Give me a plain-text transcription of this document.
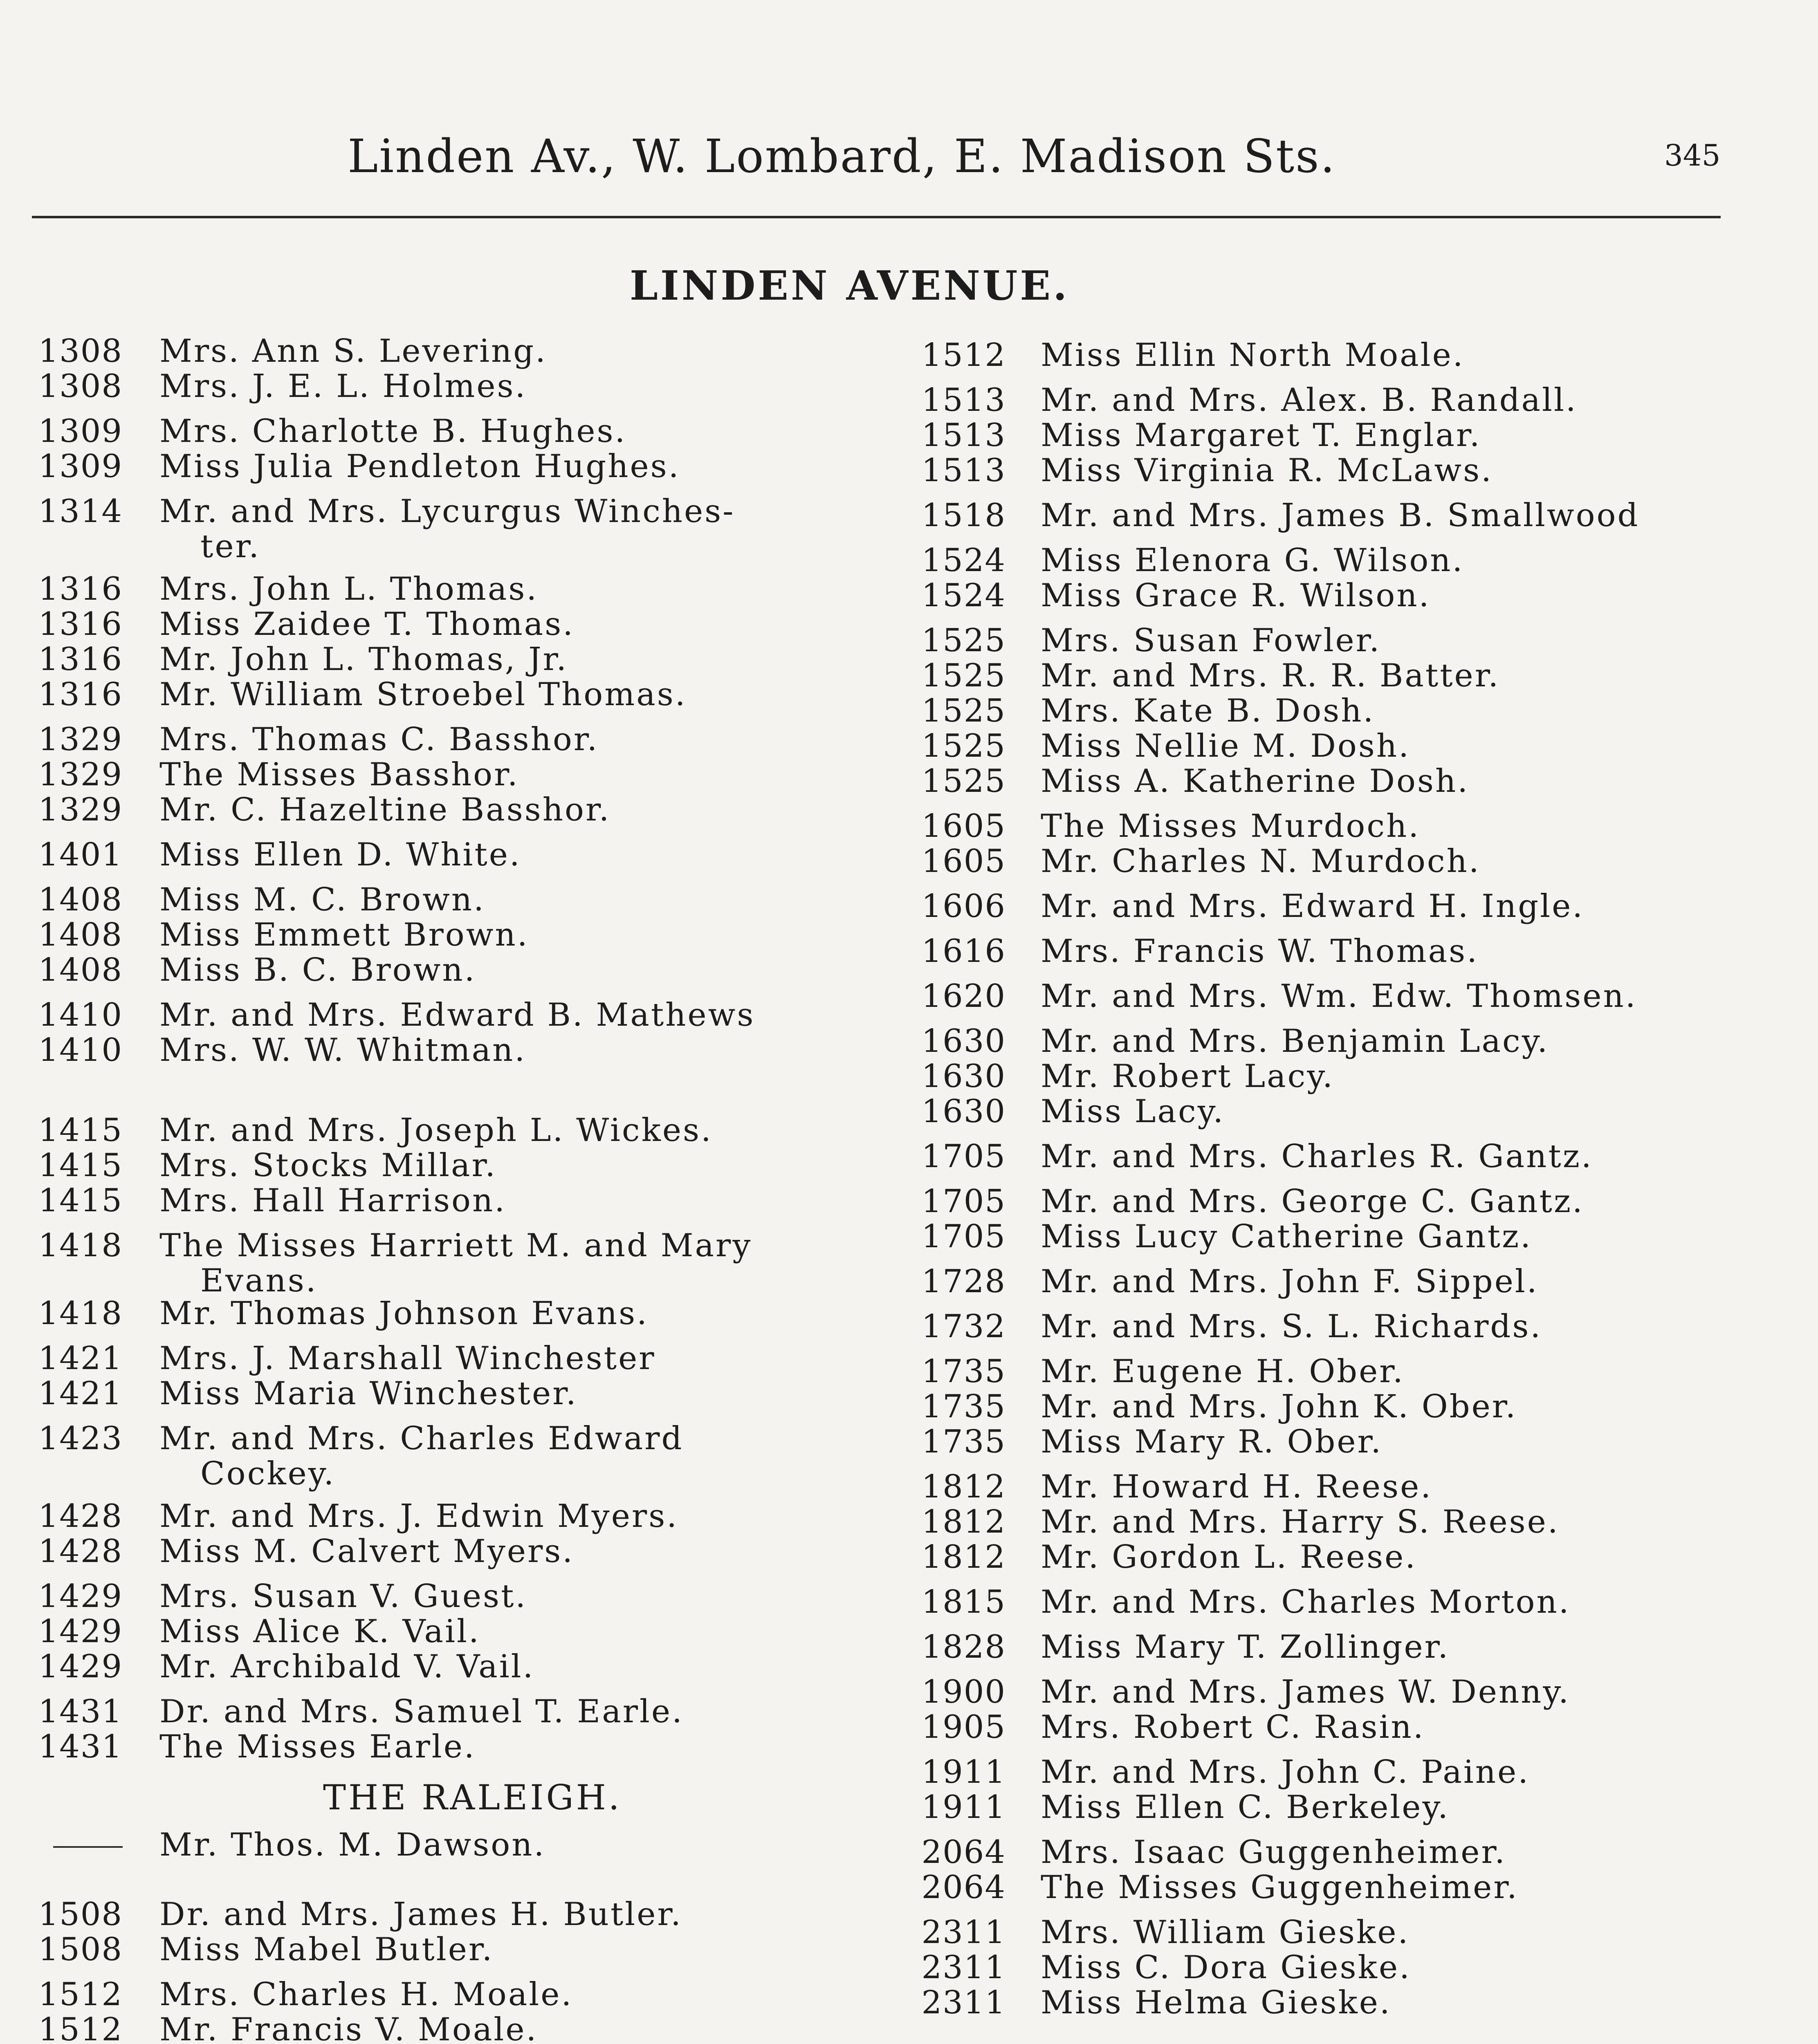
Linden Av., W. Lombard, E. Madison Sts.	345
LINDEN AVENUE.
1308 Mrs. Ann S. Levering.
1308 Mrs. J. E. L. Holmes.
1309 Mrs. Charlotte B. Hughes.
1309 Miss Julia Pendleton Hughes.
1314 Mr. and Mrs. Lycurgus Winches-
ter.
1316 Mrs. John L. Thomas.
1316 Miss Zaidee T. Thomas.
1316 Mr. John L. Thomas, Jr.
1316 Mr. William Stroebel Thomas.
1329 Mrs. Thomas C. Basshor.
1329 The Misses Basshor.
1329 Mr. C. Hazeltine Basshor.
1401 Miss Ellen D. White.
1408 Miss M. C. Brown.
1408 Miss Emmett Brown.
1408 Miss B. C. Brown.
1410 Mr. and Mrs. Edward B. Mathews
1410 Mrs. W. W. Whitman.
1415 Mr. and Mrs. Joseph L. Wickes.
1415 Mrs. Stocks Millar.
1415 Mrs. Hall Harrison.
1418 The Misses Harriett M. and Mary
Evans.
1418 Mr. Thomas Johnson Evans.
1421 Mrs. J. Marshall Winchester
1421 Miss Maria Winchester.
1423 Mr. and Mrs. Charles Edward
Cockey.
1428 Mr. and Mrs. J. Edwin Myers.
1428 Miss M. Calvert Myers.
1429 Mrs. Susan V. Guest.
1429 Miss Alice K. Vail.
1429 Mr. Archibald V. Vail.
1431 Dr. and Mrs. Samuel T. Earle.
1431 The Misses Earle.
THE RALEIGH.
Mr. Thos. M. Dawson.
1508 Dr. and Mrs. James H. Butler.
1508 Miss Mabel Butler.
1512 Mrs. Charles H. Moale.
1512 Mr. Francis V. Moale.
1512 Miss Ellin North Moale.
1513 Mr. and Mrs. Alex. B. Randall.
1513 Miss Margaret T. Englar.
1513 Miss Virginia R. McLaws.
1518 Mr. and Mrs. James B. Smallwood
1524 Miss Elenora G. Wilson.
1524 Miss Grace R. Wilson.
1525 Mrs. Susan Fowler.
1525 Mr. and Mrs. R. R. Batter.
1525 Mrs. Kate B. Dosh.
1525 Miss Nellie M. Dosh.
1525 Miss A. Katherine Dosh.
1605 The Misses Murdoch.
1605 Mr. Charles N. Murdoch.
1606 Mr. and Mrs. Edward H. Ingle.
1616 Mrs. Francis W. Thomas.
1620 Mr. and Mrs. Wm. Edw. Thomsen.
1630 Mr. and Mrs. Benjamin Lacy.
1630 Mr. Robert Lacy.
1630 Miss Lacy.
1705 Mr. and Mrs. Charles R. Gantz.
1705 Mr. and Mrs. George C. Gantz.
1705 Miss Lucy Catherine Gantz.
1728 Mr. and Mrs. John F. Sippel.
1732 Mr. and Mrs. S. L. Richards.
1735 Mr. Eugene H. Ober.
1735 Mr. and Mrs. John K. Ober.
1735 Miss Mary R. Ober.
1812 Mr. Howard H. Reese.
1812 Mr. and Mrs. Harry S. Reese.
1812 Mr. Gordon L. Reese.
1815 Mr. and Mrs. Charles Morton.
1828 Miss Mary T. Zollinger.
1900 Mr. and Mrs. James W. Denny.
1905 Mrs. Robert C. Rasin.
1911 Mr. and Mrs. John C. Paine.
1911 Miss Ellen C. Berkeley.
2064 Mrs. Isaac Guggenheimer.
2064 The Misses Guggenheimer.
2311 Mrs. William Gieske.
2311 Miss C. Dora Gieske.
2311 Miss Helma Gieske.
